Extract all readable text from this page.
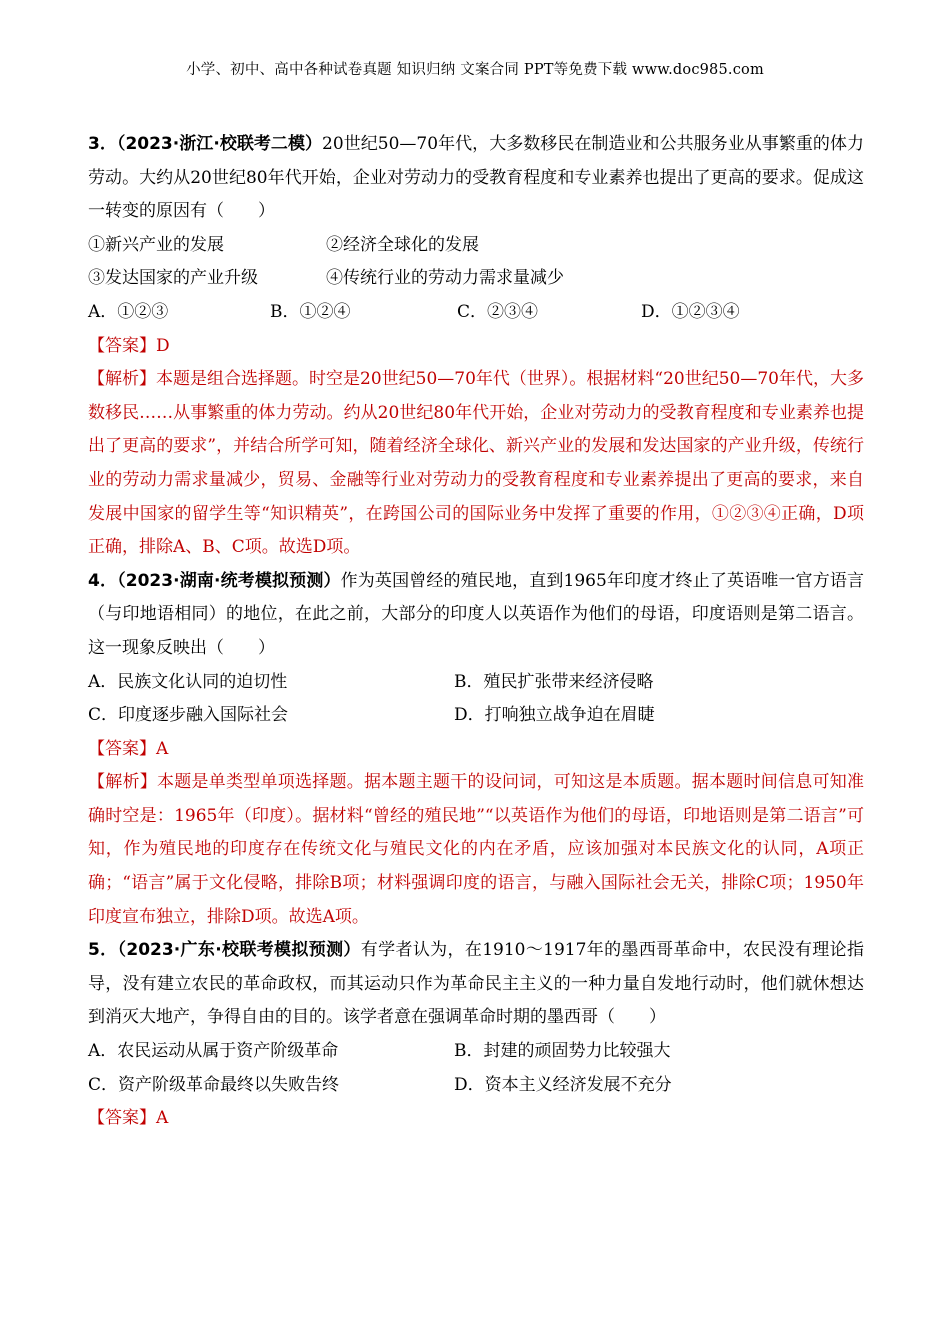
小学、初中、高中各种试卷真题 知识归纳 文案合同 PPT等免费下载 www.doc985.com

3．（2023·浙江·校联考二模）20世纪50—70年代，大多数移民在制造业和公共服务业从事繁重的体力劳动。大约从20世纪80年代开始，企业对劳动力的受教育程度和专业素养也提出了更高的要求。促成这一转变的原因有（　　）

①新兴产业的发展	②经济全球化的发展
③发达国家的产业升级	④传统行业的劳动力需求量减少
A．①②③	B．①②④	C．②③④	D．①②③④
【答案】D

【解析】本题是组合选择题。时空是20世纪50—70年代（世界）。根据材料“20世纪50—70年代，大多数移民……从事繁重的体力劳动。约从20世纪80年代开始，企业对劳动力的受教育程度和专业素养也提出了更高的要求”，并结合所学可知，随着经济全球化、新兴产业的发展和发达国家的产业升级，传统行业的劳动力需求量减少，贸易、金融等行业对劳动力的受教育程度和专业素养提出了更高的要求，来自发展中国家的留学生等“知识精英”，在跨国公司的国际业务中发挥了重要的作用，①②③④正确，D项正确，排除A、B、C项。故选D项。

4．（2023·湖南·统考模拟预测）作为英国曾经的殖民地，直到1965年印度才终止了英语唯一官方语言（与印地语相同）的地位，在此之前，大部分的印度人以英语作为他们的母语，印度语则是第二语言。这一现象反映出（　　）

A．民族文化认同的迫切性	B．殖民扩张带来经济侵略
C．印度逐步融入国际社会	D．打响独立战争迫在眉睫
【答案】A

【解析】本题是单类型单项选择题。据本题主题干的设问词，可知这是本质题。据本题时间信息可知准确时空是：1965年（印度）。据材料“曾经的殖民地”“以英语作为他们的母语，印地语则是第二语言”可知，作为殖民地的印度存在传统文化与殖民文化的内在矛盾，应该加强对本民族文化的认同，A项正确；“语言”属于文化侵略，排除B项；材料强调印度的语言，与融入国际社会无关，排除C项；1950年印度宣布独立，排除D项。故选A项。

5．（2023·广东·校联考模拟预测）有学者认为，在1910～1917年的墨西哥革命中，农民没有理论指导，没有建立农民的革命政权，而其运动只作为革命民主主义的一种力量自发地行动时，他们就休想达到消灭大地产，争得自由的目的。该学者意在强调革命时期的墨西哥（　　）

A．农民运动从属于资产阶级革命	B．封建的顽固势力比较强大
C．资产阶级革命最终以失败告终	D．资本主义经济发展不充分
【答案】A
